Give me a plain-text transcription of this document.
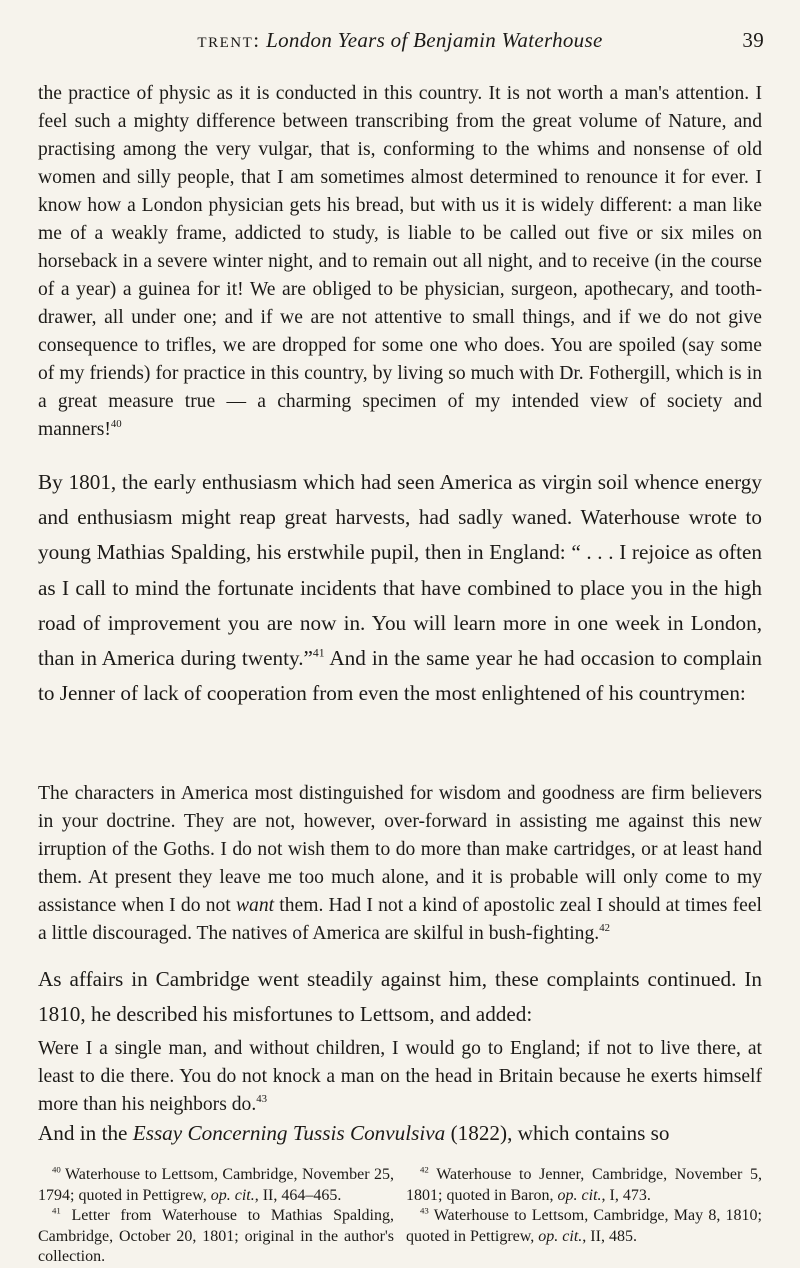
trent: London Years of Benjamin Waterhouse	39

the practice of physic as it is conducted in this country. It is not worth a man's attention. I feel such a mighty difference between transcribing from the great volume of Nature, and practising among the very vulgar, that is, conforming to the whims and nonsense of old women and silly people, that I am sometimes almost determined to renounce it for ever. I know how a London physician gets his bread, but with us it is widely different: a man like me of a weakly frame, addicted to study, is liable to be called out five or six miles on horseback in a severe winter night, and to remain out all night, and to receive (in the course of a year) a guinea for it! We are obliged to be physician, surgeon, apothecary, and tooth-drawer, all under one; and if we are not attentive to small things, and if we do not give consequence to trifles, we are dropped for some one who does. You are spoiled (say some of my friends) for practice in this country, by living so much with Dr. Fothergill, which is in a great measure true — a charming specimen of my intended view of society and manners!$^{40}$

By 1801, the early enthusiasm which had seen America as virgin soil whence energy and enthusiasm might reap great harvests, had sadly waned. Waterhouse wrote to young Mathias Spalding, his erstwhile pupil, then in England: “ . . . I rejoice as often as I call to mind the fortunate incidents that have combined to place you in the high road of improvement you are now in. You will learn more in one week in London, than in America during twenty.”$^{41}$ And in the same year he had occasion to complain to Jenner of lack of cooperation from even the most enlightened of his countrymen:

The characters in America most distinguished for wisdom and goodness are firm believers in your doctrine. They are not, however, over-forward in assisting me against this new irruption of the Goths. I do not wish them to do more than make cartridges, or at least hand them. At present they leave me too much alone, and it is probable will only come to my assistance when I do not want them. Had I not a kind of apostolic zeal I should at times feel a little discouraged. The natives of America are skilful in bush-fighting.$^{42}$

As affairs in Cambridge went steadily against him, these complaints continued. In 1810, he described his misfortunes to Lettsom, and added:

Were I a single man, and without children, I would go to England; if not to live there, at least to die there. You do not knock a man on the head in Britain because he exerts himself more than his neighbors do.$^{43}$

And in the Essay Concerning Tussis Convulsiva (1822), which contains so

$^{40}$ Waterhouse to Lettsom, Cambridge, November 25, 1794; quoted in Pettigrew, op. cit., II, 464–465.

$^{41}$ Letter from Waterhouse to Mathias Spalding, Cambridge, October 20, 1801; original in the author's collection.

$^{42}$ Waterhouse to Jenner, Cambridge, November 5, 1801; quoted in Baron, op. cit., I, 473.

$^{43}$ Waterhouse to Lettsom, Cambridge, May 8, 1810; quoted in Pettigrew, op. cit., II, 485.
